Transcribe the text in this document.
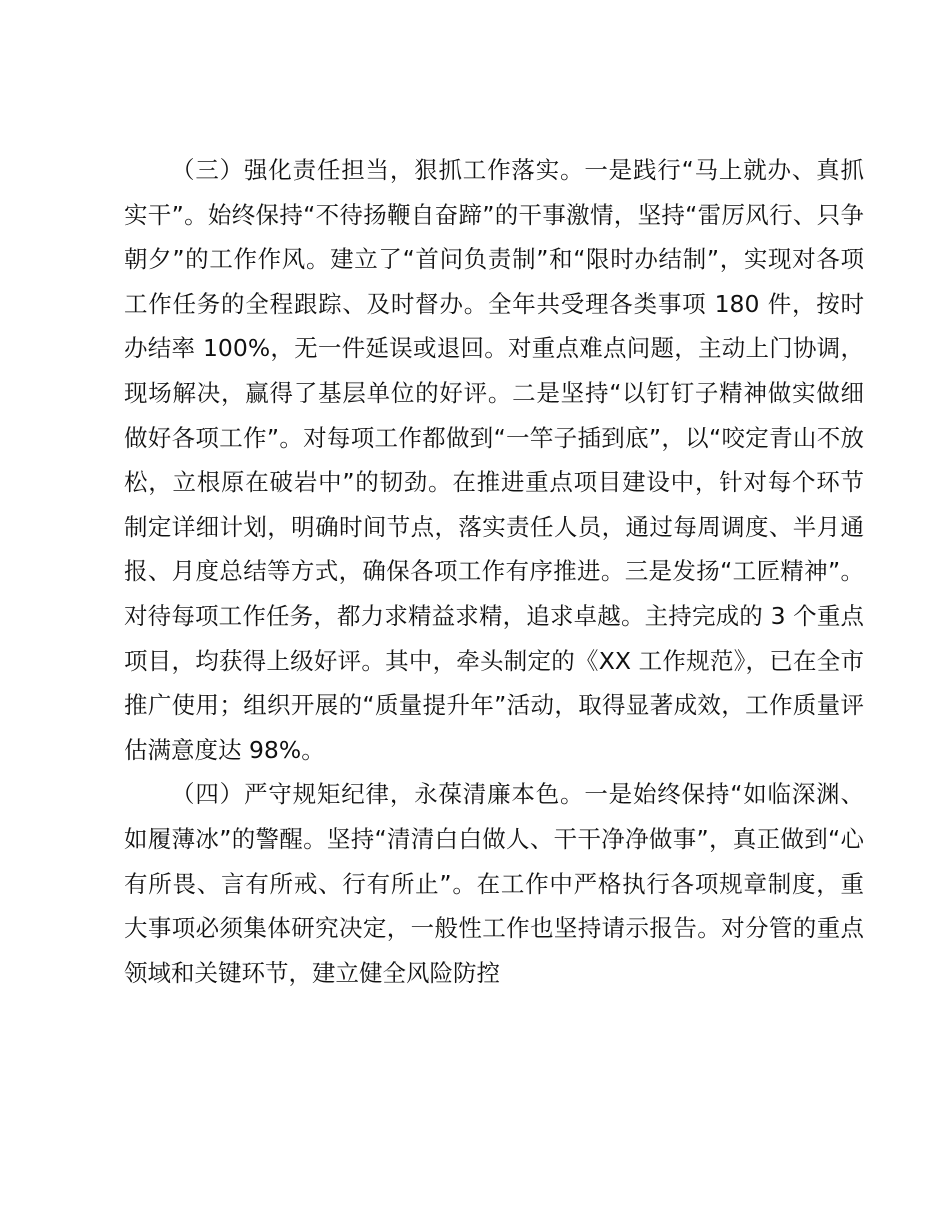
（三）强化责任担当，狠抓工作落实。一是践行“马上就办、真抓实干”。始终保持“不待扬鞭自奋蹄”的干事激情，坚持“雷厉风行、只争朝夕”的工作作风。建立了“首问负责制”和“限时办结制”，实现对各项工作任务的全程跟踪、及时督办。全年共受理各类事项 180 件，按时办结率 100%，无一件延误或退回。对重点难点问题，主动上门协调，现场解决，赢得了基层单位的好评。二是坚持“以钉钉子精神做实做细做好各项工作”。对每项工作都做到“一竿子插到底”，以“咬定青山不放松，立根原在破岩中”的韧劲。在推进重点项目建设中，针对每个环节制定详细计划，明确时间节点，落实责任人员，通过每周调度、半月通报、月度总结等方式，确保各项工作有序推进。三是发扬“工匠精神”。对待每项工作任务，都力求精益求精，追求卓越。主持完成的 3 个重点项目，均获得上级好评。其中，牵头制定的《XX 工作规范》，已在全市推广使用；组织开展的“质量提升年”活动，取得显著成效，工作质量评估满意度达 98%。

（四）严守规矩纪律，永葆清廉本色。一是始终保持“如临深渊、如履薄冰”的警醒。坚持“清清白白做人、干干净净做事”，真正做到“心有所畏、言有所戒、行有所止”。在工作中严格执行各项规章制度，重大事项必须集体研究决定，一般性工作也坚持请示报告。对分管的重点领域和关键环节，建立健全风险防控
